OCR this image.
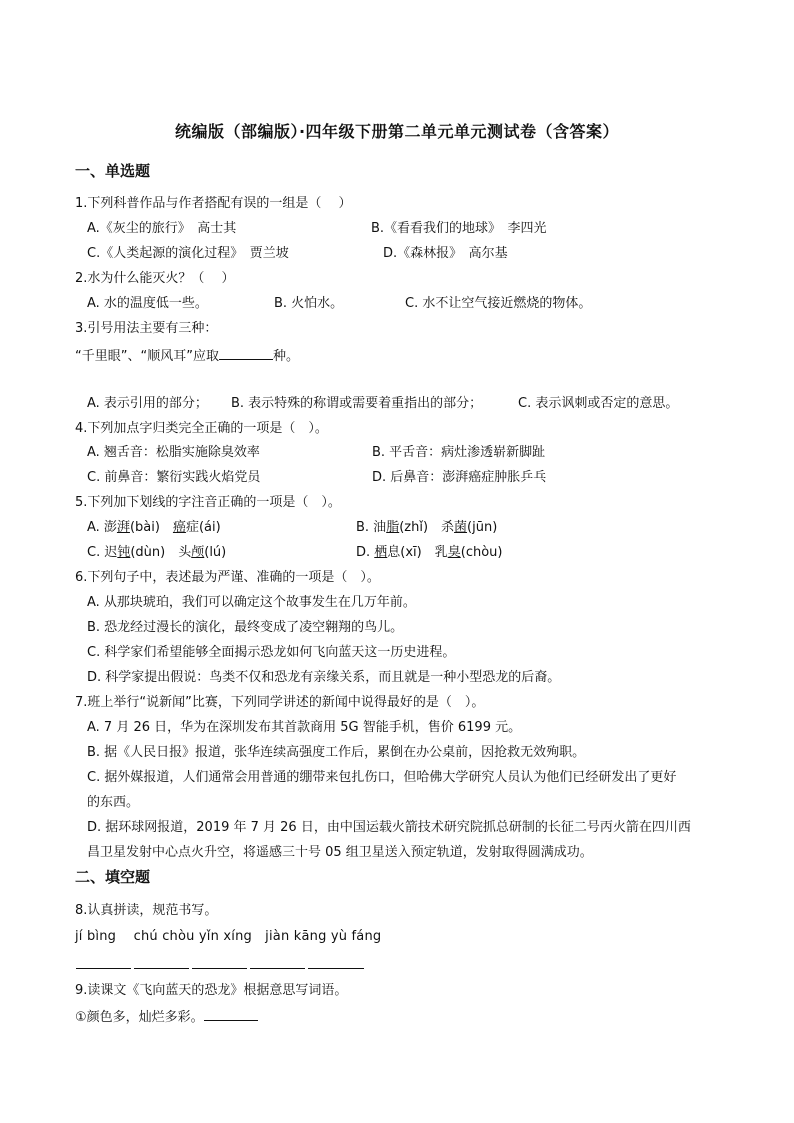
统编版（部编版）·四年级下册第二单元单元测试卷（含答案）
一、单选题
1.下列科普作品与作者搭配有误的一组是（　 ）
A.《灰尘的旅行》　高士其	B.《看看我们的地球》　李四光
C.《人类起源的演化过程》　贾兰坡	D.《森林报》　高尔基
2.水为什么能灭火？（　 ）
A. 水的温度低一些。	B. 火怕水。	C. 水不让空气接近燃烧的物体。
3.引号用法主要有三种：
“千里眼”、“顺风耳”应取	种。
A. 表示引用的部分； B. 表示特殊的称谓或需要着重指出的部分；	C. 表示讽刺或否定的意思。
4.下列加点字归类完全正确的一项是（　）。
A. 翘舌音：松脂实施除臭效率	B. 平舌音：病灶渗透崭新脚趾
C. 前鼻音：繁衍实践火焰党员	D. 后鼻音：澎湃癌症肿胀乒乓
5.下列加下划线的字注音正确的一项是（　）。
A. 澎湃(bài)　癌症(ái)	B. 油脂(zhǐ)　杀菌(jūn)
C. 迟钝(dùn)　头颅(lú)	D. 栖息(xī)　乳臭(chòu)
6.下列句子中，表述最为严谨、准确的一项是（　）。
A. 从那块琥珀，我们可以确定这个故事发生在几万年前。
B. 恐龙经过漫长的演化，最终变成了凌空翱翔的鸟儿。
C. 科学家们希望能够全面揭示恐龙如何飞向蓝天这一历史进程。
D. 科学家提出假说：鸟类不仅和恐龙有亲缘关系，而且就是一种小型恐龙的后裔。
7.班上举行“说新闻”比赛，下列同学讲述的新闻中说得最好的是（　）。
A. 7 月 26 日，华为在深圳发布其首款商用 5G 智能手机，售价 6199 元。
B. 据《人民日报》报道，张华连续高强度工作后，累倒在办公桌前，因抢救无效殉职。
C. 据外媒报道，人们通常会用普通的绷带来包扎伤口，但哈佛大学研究人员认为他们已经研发出了更好
的东西。
D. 据环球网报道，2019 年 7 月 26 日，由中国运载火箭技术研究院抓总研制的长征二号丙火箭在四川西
昌卫星发射中心点火升空，将遥感三十号 05 组卫星送入预定轨道，发射取得圆满成功。
二、填空题
8.认真拼读，规范书写。
jí bìng　 chú chòu yǐn xíng　jiàn kāng yù fáng
9.读课文《飞向蓝天的恐龙》根据意思写词语。
①颜色多，灿烂多彩。
